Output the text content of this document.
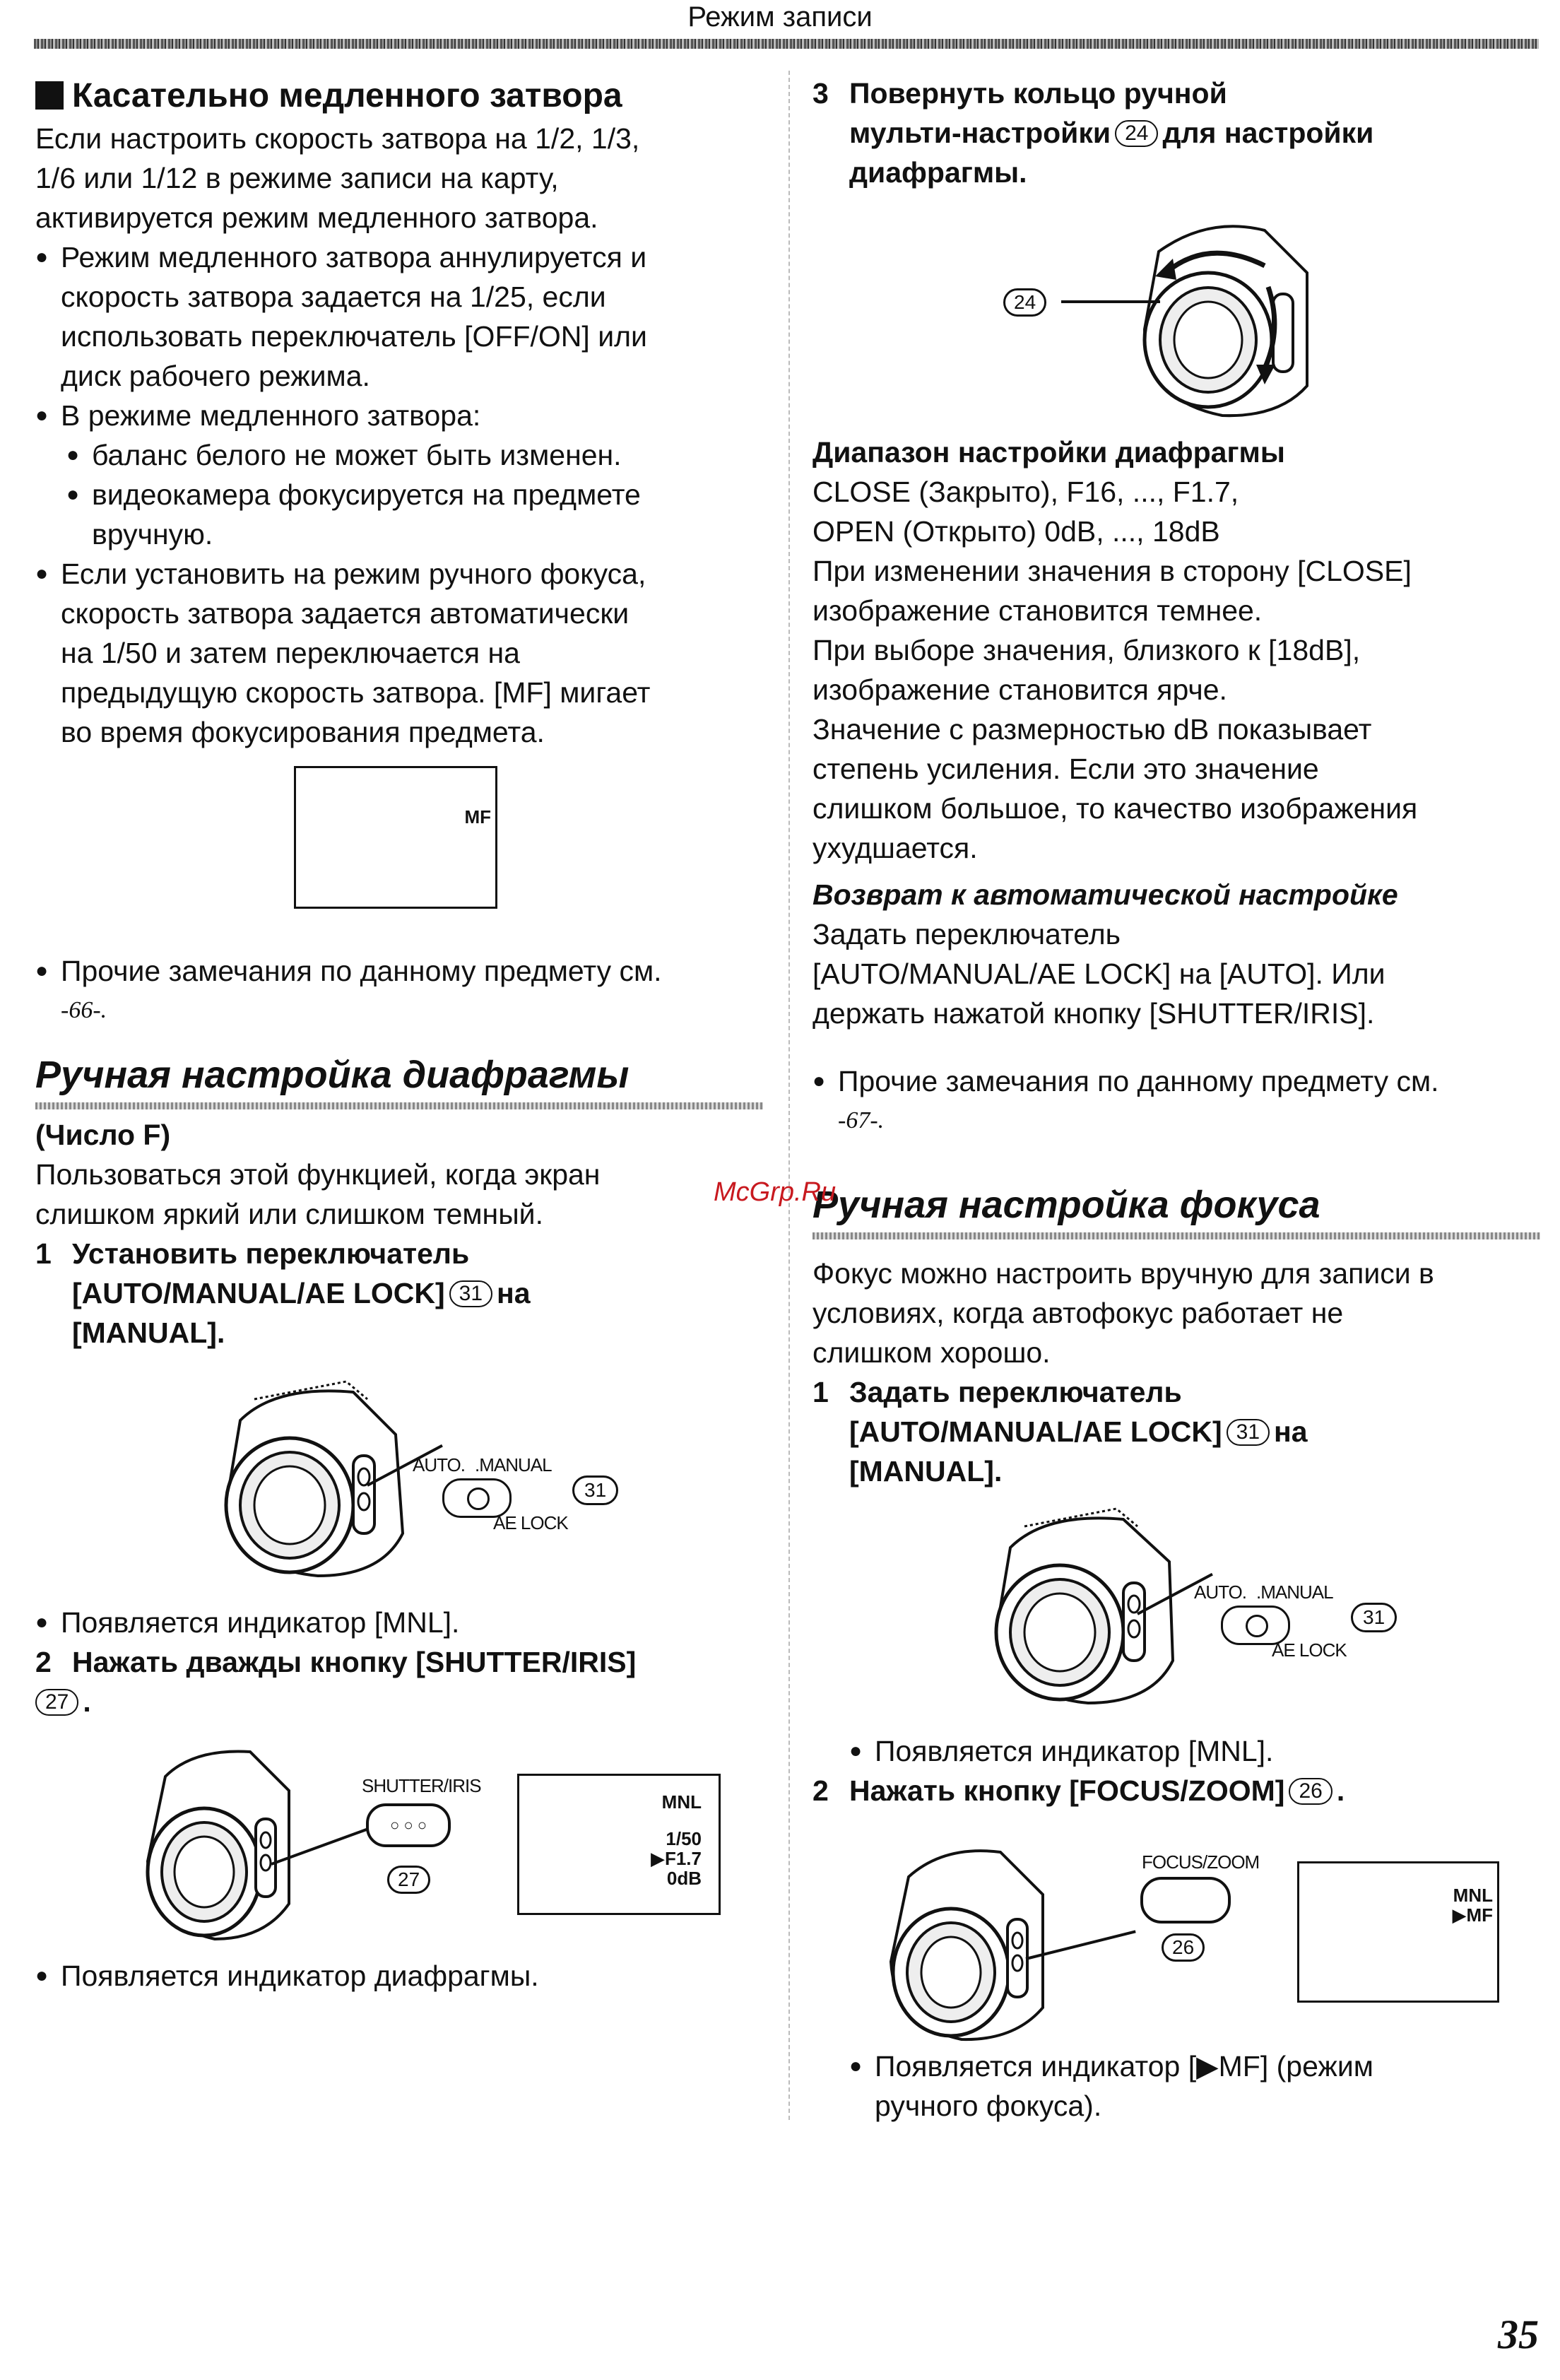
Режим записи

Касательно медленного затвора

Если настроить скорость затвора на 1/2, 1/3,

1/6 или 1/12 в режиме записи на карту,

активируется режим медленного затвора.

● Режим медленного затвора аннулируется и

скорость затвора задается на 1/25, если

использовать переключатель [OFF/ON] или

диск рабочего режима.

● В режиме медленного затвора:

● баланс белого не может быть изменен.

● видеокамера фокусируется на предмете

вручную.

● Если установить на режим ручного фокуса,

скорость затвора задается автоматически

на 1/50 и затем переключается на

предыдущую скорость затвора. [MF] мигает

во время фокусирования предмета.

MF

● Прочие замечания по данному предмету см.

-66-.

Ручная настройка диафрагмы

(Число F)

Пользоваться этой функцией, когда экран

слишком яркий или слишком темный.

1 Установить переключатель

[AUTO/MANUAL/AE LOCK] 31 на

[MANUAL].

AUTO. .MANUAL
AE LOCK
31

● Появляется индикатор [MNL].

2 Нажать дважды кнопку [SHUTTER/IRIS]

27 .

SHUTTER/IRIS
○ ○ ○
27
MNL
1/50
▶F1.7
0dB

● Появляется индикатор диафрагмы.

3 Повернуть кольцо ручной

мульти-настройки 24 для настройки

диафрагмы.

24

Диапазон настройки диафрагмы

CLOSE (Закрыто), F16, ..., F1.7,

OPEN (Открыто) 0dB, ..., 18dB

При изменении значения в сторону [CLOSE]

изображение становится темнее.

При выборе значения, близкого к [18dB],

изображение становится ярче.

Значение с размерностью dB показывает

степень усиления. Если это значение

слишком большое, то качество изображения

ухудшается.

Возврат к автоматической настройке

Задать переключатель

[AUTO/MANUAL/AE LOCK] на [AUTO]. Или

держать нажатой кнопку [SHUTTER/IRIS].

● Прочие замечания по данному предмету см.

-67-.

Ручная настройка фокуса

Фокус можно настроить вручную для записи в

условиях, когда автофокус работает не

слишком хорошо.

1 Задать переключатель

[AUTO/MANUAL/AE LOCK] 31 на

[MANUAL].

AUTO. .MANUAL
AE LOCK
31

● Появляется индикатор [MNL].

2 Нажать кнопку [FOCUS/ZOOM] 26 .

FOCUS/ZOOM
26
MNL
▶MF

● Появляется индикатор [▶MF] (режим

ручного фокуса).

McGrp.Ru
35
